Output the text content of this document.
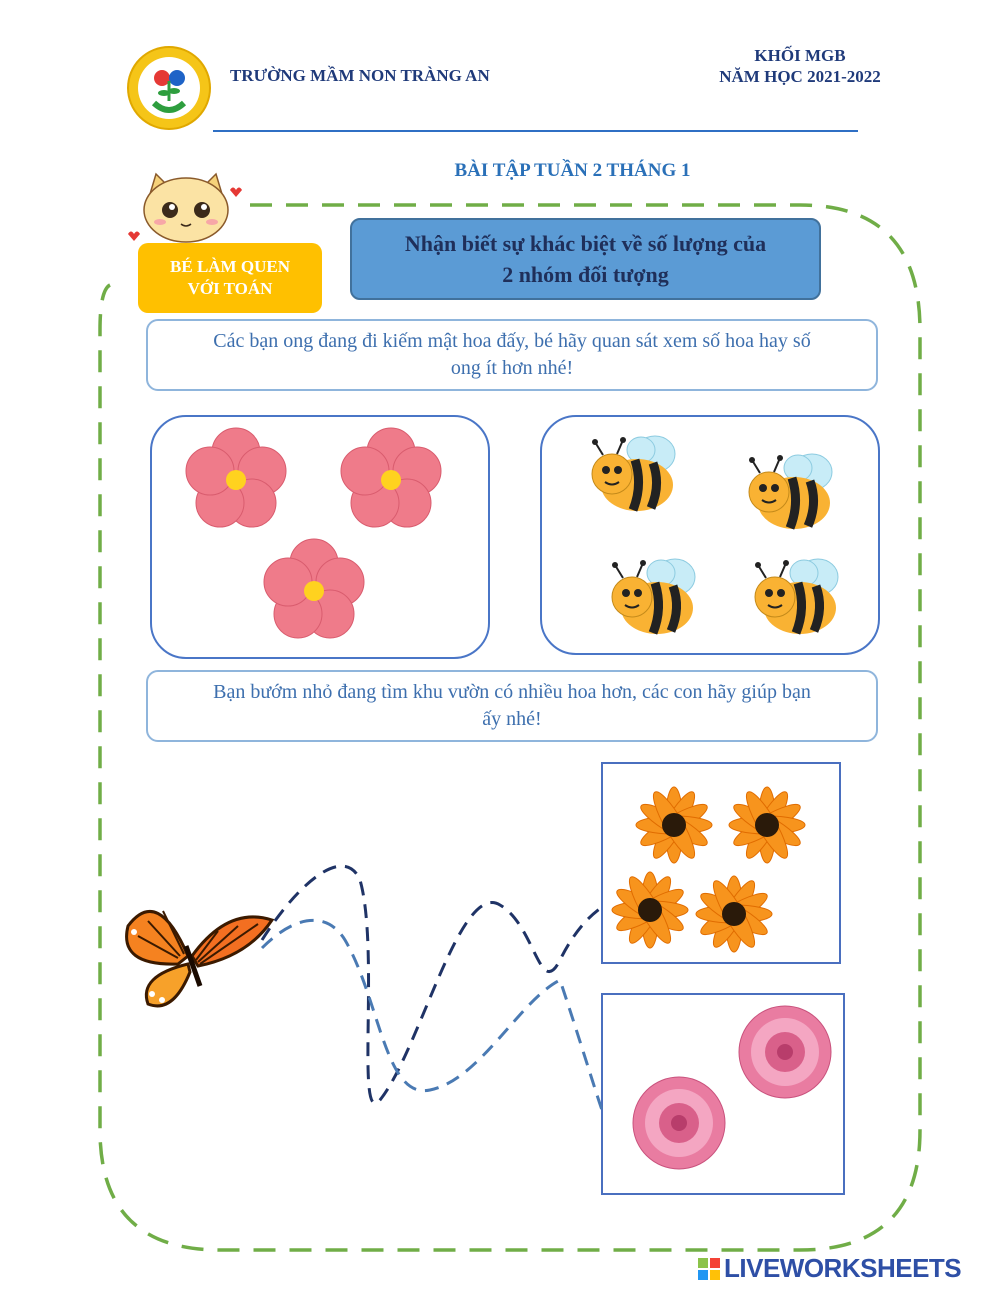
TRƯỜNG MẦM NON TRÀNG AN
KHỐI MGB
NĂM HỌC 2021-2022
BÀI TẬP TUẦN 2 THÁNG 1
BÉ LÀM QUEN
VỚI TOÁN
Nhận biết sự khác biệt về số lượng của
2 nhóm đối tượng
Các bạn ong đang đi kiếm mật hoa đấy, bé hãy quan sát xem số hoa hay số
ong ít hơn nhé!
Bạn bướm nhỏ đang tìm khu vườn có nhiều hoa hơn, các con hãy giúp bạn
ấy nhé!
LIVEWORKSHEETS
